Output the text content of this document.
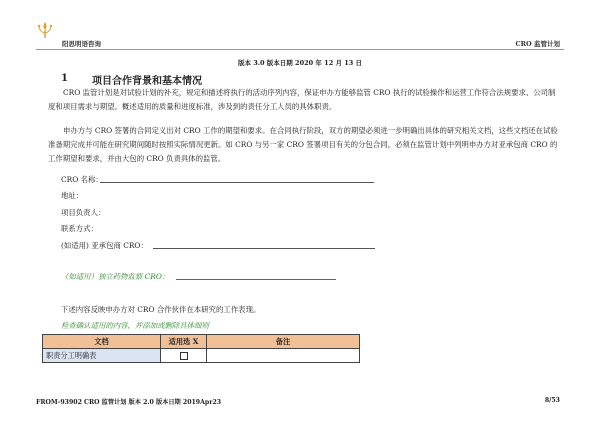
阳思明语咨询	CRO 监管计划
版本 3.0 版本日期 2020 年 12 月 13 日
1 项目合作背景和基本情况
CRO 监管计划是对试验计划的补充，规定和描述将执行的活动序列内容，保证申办方能够监管 CRO 执行的试验操作和运营工作符合法规要求、公司制度和项目需求与期望。概述适用的质量和进度标准，涉及到的责任分工人员的具体职责。
申办方与 CRO 签署的合同定义出对 CRO 工作的期望和要求。在合同执行阶段，双方的期望必须进一步明确出具体的研究相关文档，这些文档还在试验准备期完成并可能在研究期间随时按照实际情况更新。如 CRO 与另一家 CRO 签署项目有关的分包合同，必须在监管计划中列明申办方对亚承包商 CRO 的工作期望和要求，并由大包的 CRO 负责具体的监管。
CRO 名称：
地址：
项目负责人：
联系方式：
(如适用) 亚承包商 CRO：
（如适用）独立药物监察 CRO：
下述内容反映申办方对 CRO 合作伙伴在本研究的工作表现。
检查确认适用的内容，并添加或删除具体细则
文档	适用选 X	备注
职责分工明确表		
FROM-93902 CRO 监管计划 版本 2.0 版本日期 2019Apr23	8/53
